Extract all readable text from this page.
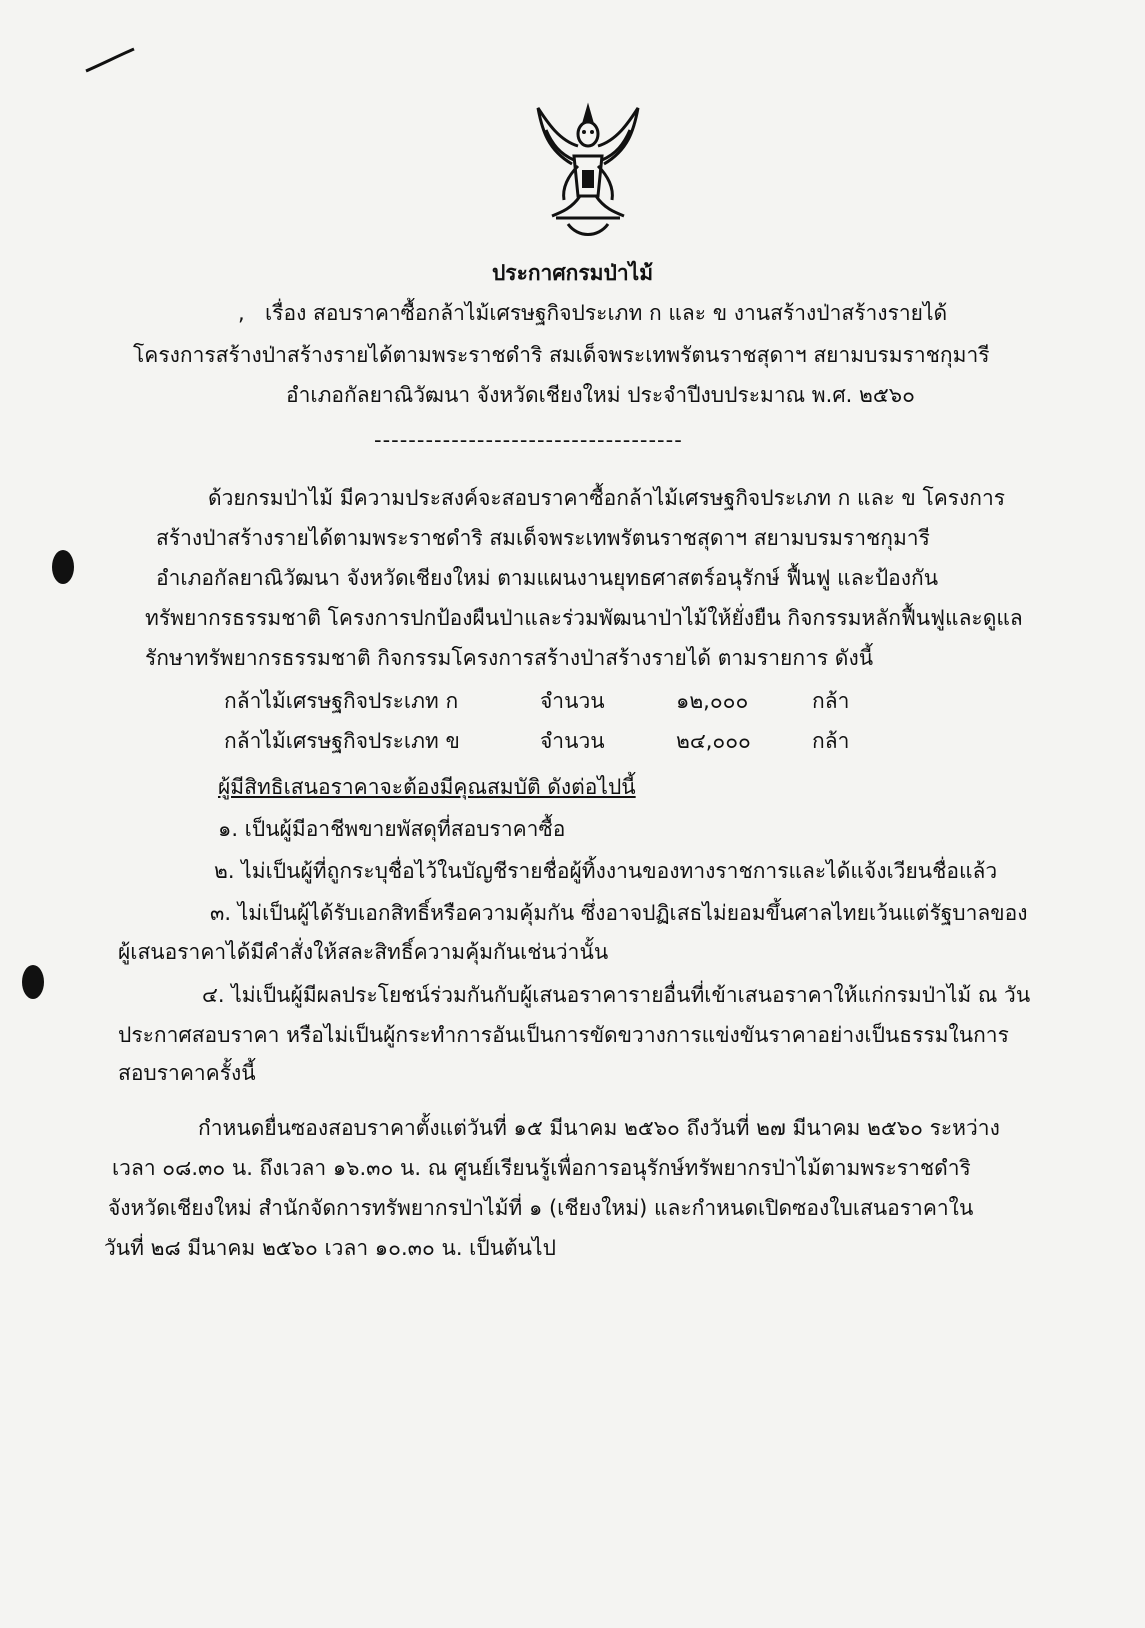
ประกาศกรมป่าไม้
, เรื่อง สอบราคาซื้อกล้าไม้เศรษฐกิจประเภท ก และ ข งานสร้างป่าสร้างรายได้
โครงการสร้างป่าสร้างรายได้ตามพระราชดำริ สมเด็จพระเทพรัตนราชสุดาฯ สยามบรมราชกุมารี
อำเภอกัลยาณิวัฒนา จังหวัดเชียงใหม่ ประจำปีงบประมาณ พ.ศ. ๒๕๖๐
------------------------------------
ด้วยกรมป่าไม้ มีความประสงค์จะสอบราคาซื้อกล้าไม้เศรษฐกิจประเภท ก และ ข โครงการ
สร้างป่าสร้างรายได้ตามพระราชดำริ สมเด็จพระเทพรัตนราชสุดาฯ สยามบรมราชกุมารี
อำเภอกัลยาณิวัฒนา จังหวัดเชียงใหม่ ตามแผนงานยุทธศาสตร์อนุรักษ์ ฟื้นฟู และป้องกัน
ทรัพยากรธรรมชาติ โครงการปกป้องผืนป่าและร่วมพัฒนาป่าไม้ให้ยั่งยืน กิจกรรมหลักฟื้นฟูและดูแล
รักษาทรัพยากรธรรมชาติ กิจกรรมโครงการสร้างป่าสร้างรายได้ ตามรายการ ดังนี้
กล้าไม้เศรษฐกิจประเภท ก	จำนวน	๑๒,๐๐๐	กล้า
กล้าไม้เศรษฐกิจประเภท ข	จำนวน	๒๔,๐๐๐	กล้า
ผู้มีสิทธิเสนอราคาจะต้องมีคุณสมบัติ ดังต่อไปนี้
๑. เป็นผู้มีอาชีพขายพัสดุที่สอบราคาซื้อ
๒. ไม่เป็นผู้ที่ถูกระบุชื่อไว้ในบัญชีรายชื่อผู้ทิ้งงานของทางราชการและได้แจ้งเวียนชื่อแล้ว
๓. ไม่เป็นผู้ได้รับเอกสิทธิ์หรือความคุ้มกัน ซึ่งอาจปฏิเสธไม่ยอมขึ้นศาลไทยเว้นแต่รัฐบาลของ
ผู้เสนอราคาได้มีคำสั่งให้สละสิทธิ์ความคุ้มกันเช่นว่านั้น
๔. ไม่เป็นผู้มีผลประโยชน์ร่วมกันกับผู้เสนอราคารายอื่นที่เข้าเสนอราคาให้แก่กรมป่าไม้ ณ วัน
ประกาศสอบราคา หรือไม่เป็นผู้กระทำการอันเป็นการขัดขวางการแข่งขันราคาอย่างเป็นธรรมในการ
สอบราคาครั้งนี้
กำหนดยื่นซองสอบราคาตั้งแต่วันที่ ๑๕ มีนาคม ๒๕๖๐ ถึงวันที่ ๒๗ มีนาคม ๒๕๖๐ ระหว่าง
เวลา ๐๘.๓๐ น. ถึงเวลา ๑๖.๓๐ น. ณ ศูนย์เรียนรู้เพื่อการอนุรักษ์ทรัพยากรป่าไม้ตามพระราชดำริ
จังหวัดเชียงใหม่ สำนักจัดการทรัพยากรป่าไม้ที่ ๑ (เชียงใหม่) และกำหนดเปิดซองใบเสนอราคาใน
วันที่ ๒๘ มีนาคม ๒๕๖๐ เวลา ๑๐.๓๐ น. เป็นต้นไป
